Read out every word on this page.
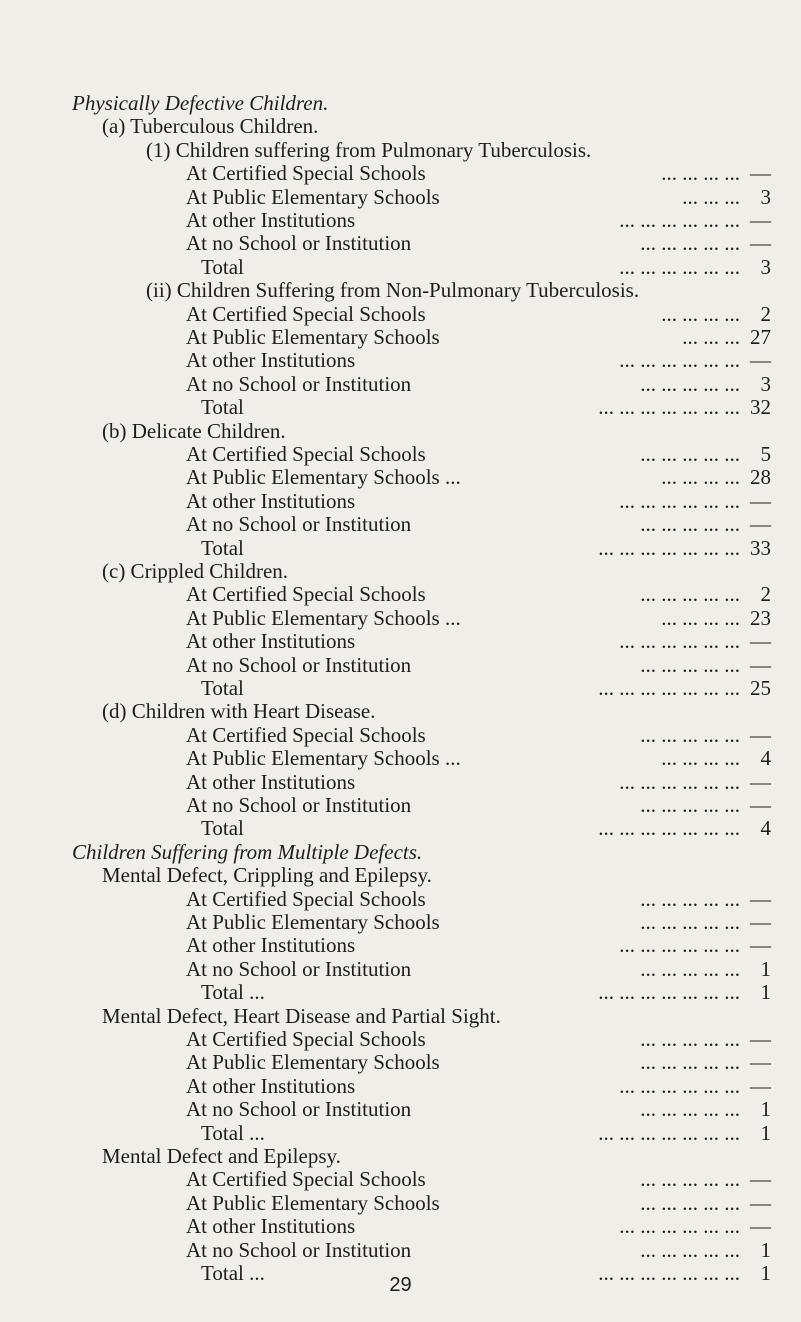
Physically Defective Children.
(a) Tuberculous Children.
(1) Children suffering from Pulmonary Tuberculosis.
At Certified Special Schools	... ... ... ... —
At Public Elementary Schools	... ... ... 3
At other Institutions	... ... ... ... ... ... —
At no School or Institution	... ... ... ... ... —
Total	... ... ... ... ... ... 3
(ii) Children Suffering from Non-Pulmonary Tuberculosis.
At Certified Special Schools	... ... ... ... 2
At Public Elementary Schools	... ... ... 27
At other Institutions	... ... ... ... ... ... —
At no School or Institution	... ... ... ... ... 3
Total	... ... ... ... ... ... ... 32
(b) Delicate Children.
At Certified Special Schools	... ... ... ... ... 5
At Public Elementary Schools ...	... ... ... ... 28
At other Institutions	... ... ... ... ... ... —
At no School or Institution	... ... ... ... ... —
Total	... ... ... ... ... ... ... 33
(c) Crippled Children.
At Certified Special Schools	... ... ... ... ... 2
At Public Elementary Schools ...	... ... ... ... 23
At other Institutions	... ... ... ... ... ... —
At no School or Institution	... ... ... ... ... —
Total	... ... ... ... ... ... ... 25
(d) Children with Heart Disease.
At Certified Special Schools	... ... ... ... ... —
At Public Elementary Schools ...	... ... ... ... 4
At other Institutions	... ... ... ... ... ... —
At no School or Institution	... ... ... ... ... —
Total	... ... ... ... ... ... ... 4
Children Suffering from Multiple Defects.
Mental Defect, Crippling and Epilepsy.
At Certified Special Schools	... ... ... ... ... —
At Public Elementary Schools	... ... ... ... ... —
At other Institutions	... ... ... ... ... ... —
At no School or Institution	... ... ... ... ... 1
Total ...	... ... ... ... ... ... ... 1
Mental Defect, Heart Disease and Partial Sight.
At Certified Special Schools	... ... ... ... ... —
At Public Elementary Schools	... ... ... ... ... —
At other Institutions	... ... ... ... ... ... —
At no School or Institution	... ... ... ... ... 1
Total ...	... ... ... ... ... ... ... 1
Mental Defect and Epilepsy.
At Certified Special Schools	... ... ... ... ... —
At Public Elementary Schools	... ... ... ... ... —
At other Institutions	... ... ... ... ... ... —
At no School or Institution	... ... ... ... ... 1
Total ...	... ... ... ... ... ... ... 1
29
